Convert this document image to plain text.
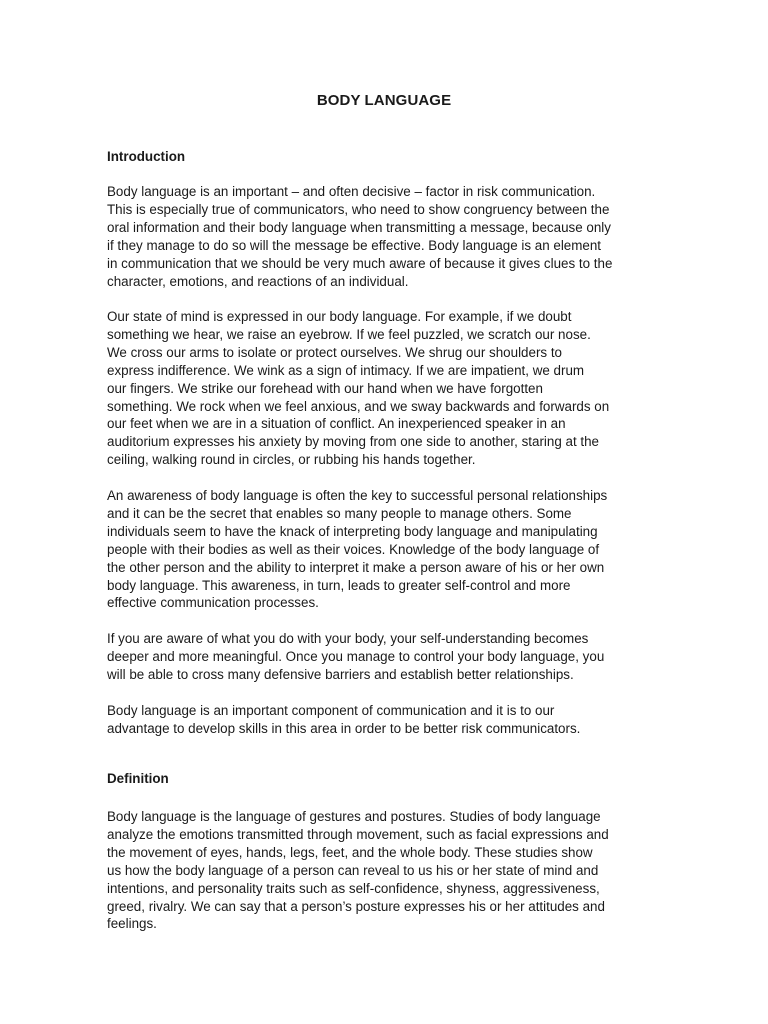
BODY LANGUAGE
Introduction
Body language is an important – and often decisive – factor in risk communication.
This is especially true of communicators, who need to show congruency between the
oral information and their body language when transmitting a message, because only
if they manage to do so will the message be effective. Body language is an element
in communication that we should be very much aware of because it gives clues to the
character, emotions, and reactions of an individual.
Our state of mind is expressed in our body language. For example, if we doubt
something we hear, we raise an eyebrow. If we feel puzzled, we scratch our nose.
We cross our arms to isolate or protect ourselves. We shrug our shoulders to
express indifference. We wink as a sign of intimacy. If we are impatient, we drum
our fingers. We strike our forehead with our hand when we have forgotten
something. We rock when we feel anxious, and we sway backwards and forwards on
our feet when we are in a situation of conflict. An inexperienced speaker in an
auditorium expresses his anxiety by moving from one side to another, staring at the
ceiling, walking round in circles, or rubbing his hands together.
An awareness of body language is often the key to successful personal relationships
and it can be the secret that enables so many people to manage others. Some
individuals seem to have the knack of interpreting body language and manipulating
people with their bodies as well as their voices. Knowledge of the body language of
the other person and the ability to interpret it make a person aware of his or her own
body language. This awareness, in turn, leads to greater self-control and more
effective communication processes.
If you are aware of what you do with your body, your self-understanding becomes
deeper and more meaningful. Once you manage to control your body language, you
will be able to cross many defensive barriers and establish better relationships.
Body language is an important component of communication and it is to our
advantage to develop skills in this area in order to be better risk communicators.
Definition
Body language is the language of gestures and postures. Studies of body language
analyze the emotions transmitted through movement, such as facial expressions and
the movement of eyes, hands, legs, feet, and the whole body. These studies show
us how the body language of a person can reveal to us his or her state of mind and
intentions, and personality traits such as self-confidence, shyness, aggressiveness,
greed, rivalry. We can say that a person’s posture expresses his or her attitudes and
feelings.
